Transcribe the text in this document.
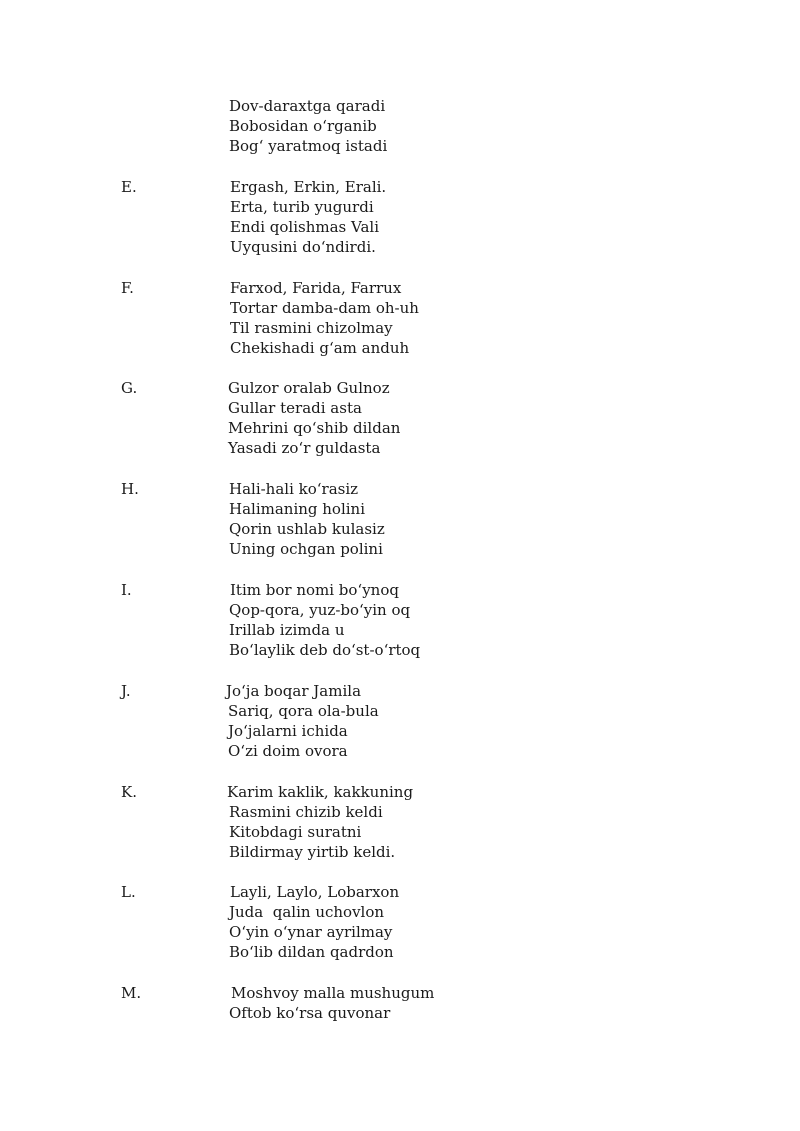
Dov-daraxtga qaradi
Bobosidan o‘rganib
Bog‘ yaratmoq istadi
E.	Ergash, Erkin, Erali.
Erta, turib yugurdi
Endi qolishmas Vali
Uyqusini do‘ndirdi.
F.	Farxod, Farida, Farrux
Tortar damba-dam oh-uh
Til rasmini chizolmay
Chekishadi g‘am anduh
G.	Gulzor oralab Gulnoz
Gullar teradi asta
Mehrini qo‘shib dildan
Yasadi zo‘r guldasta
H.	Hali-hali ko‘rasiz
Halimaning holini
Qorin ushlab kulasiz
Uning ochgan polini
I.	Itim bor nomi bo‘ynoq
Qop-qora, yuz-bo‘yin oq
Irillab izimda u
Bo‘laylik deb do‘st-o‘rtoq
J.	Jo‘ja boqar Jamila
Sariq, qora ola-bula
Jo‘jalarni ichida
O‘zi doim ovora
K.	Karim kaklik, kakkuning
Rasmini chizib keldi
Kitobdagi suratni
Bildirmay yirtib keldi.
L.	Layli, Laylo, Lobarxon
Juda  qalin uchovlon
O‘yin o‘ynar ayrilmay
Bo‘lib dildan qadrdon
M.	Moshvoy malla mushugum
Oftob ko‘rsa quvonar
